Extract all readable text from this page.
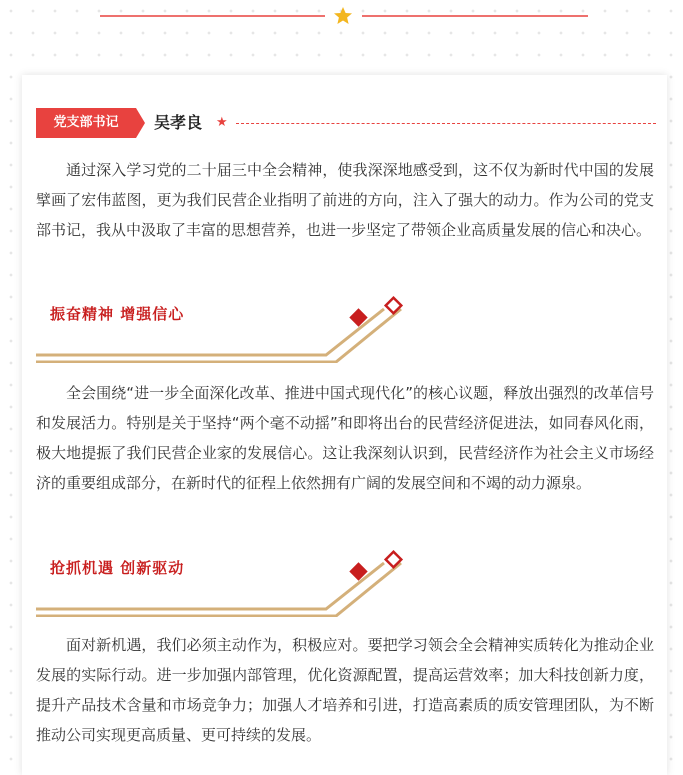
党支部书记	吴孝良 ★

通过深入学习党的二十届三中全会精神，使我深深地感受到，这不仅为新时代中国的发展擘画了宏伟蓝图，更为我们民营企业指明了前进的方向，注入了强大的动力。作为公司的党支部书记，我从中汲取了丰富的思想营养，也进一步坚定了带领企业高质量发展的信心和决心。

振奋精神 增强信心

全会围绕“进一步全面深化改革、推进中国式现代化”的核心议题，释放出强烈的改革信号和发展活力。特别是关于坚持“两个毫不动摇”和即将出台的民营经济促进法，如同春风化雨，极大地提振了我们民营企业家的发展信心。这让我深刻认识到，民营经济作为社会主义市场经济的重要组成部分，在新时代的征程上依然拥有广阔的发展空间和不竭的动力源泉。

抢抓机遇 创新驱动

面对新机遇，我们必须主动作为，积极应对。要把学习领会全会精神实质转化为推动企业发展的实际行动。进一步加强内部管理，优化资源配置，提高运营效率；加大科技创新力度，提升产品技术含量和市场竞争力；加强人才培养和引进，打造高素质的质安管理团队，为不断推动公司实现更高质量、更可持续的发展。
